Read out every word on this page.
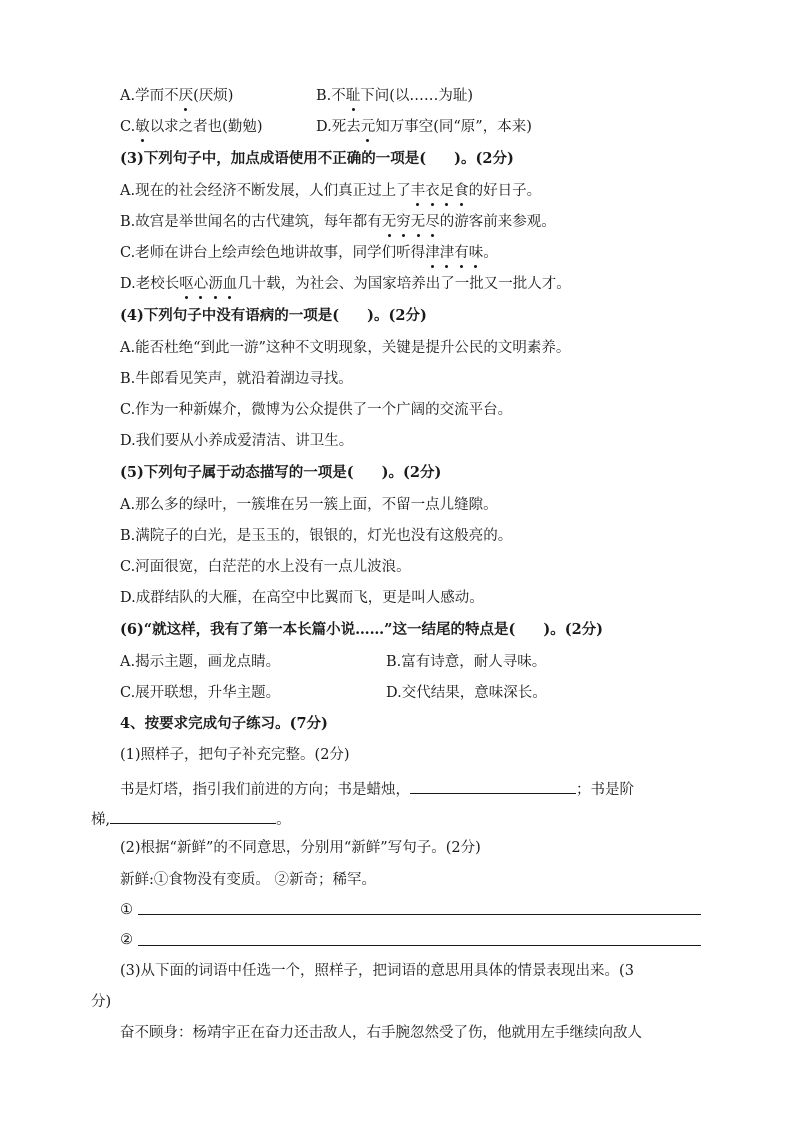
A.学而不厌(厌烦)	B.不耻下问(以……为耻)
C.敏以求之者也(勤勉)	D.死去元知万事空(同“原”，本来)
(3)下列句子中，加点成语使用不正确的一项是( )。(2分)
A.现在的社会经济不断发展，人们真正过上了丰衣足食的好日子。
B.故宫是举世闻名的古代建筑，每年都有无穷无尽的游客前来参观。
C.老师在讲台上绘声绘色地讲故事，同学们听得津津有味。
D.老校长呕心沥血几十载，为社会、为国家培养出了一批又一批人才。
(4)下列句子中没有语病的一项是( )。(2分)
A.能否杜绝“到此一游”这种不文明现象，关键是提升公民的文明素养。
B.牛郎看见笑声，就沿着湖边寻找。
C.作为一种新媒介，微博为公众提供了一个广阔的交流平台。
D.我们要从小养成爱清洁、讲卫生。
(5)下列句子属于动态描写的一项是( )。(2分)
A.那么多的绿叶，一簇堆在另一簇上面，不留一点儿缝隙。
B.满院子的白光，是玉玉的，银银的，灯光也没有这般亮的。
C.河面很宽，白茫茫的水上没有一点儿波浪。
D.成群结队的大雁，在高空中比翼而飞，更是叫人感动。
(6)“就这样，我有了第一本长篇小说……”这一结尾的特点是( )。(2分)
A.揭示主题，画龙点睛。	B.富有诗意，耐人寻味。
C.展开联想，升华主题。	D.交代结果，意味深长。
4、按要求完成句子练习。(7分)
(1)照样子，把句子补充完整。(2分)
书是灯塔，指引我们前进的方向；书是蜡烛，	；书是阶
梯,	。
(2)根据“新鲜”的不同意思，分别用“新鲜”写句子。(2分)
新鲜:①食物没有变质。 ②新奇；稀罕。
①
②
(3)从下面的词语中任选一个，照样子，把词语的意思用具体的情景表现出来。(3
分)
奋不顾身：杨靖宇正在奋力还击敌人，右手腕忽然受了伤，他就用左手继续向敌人
